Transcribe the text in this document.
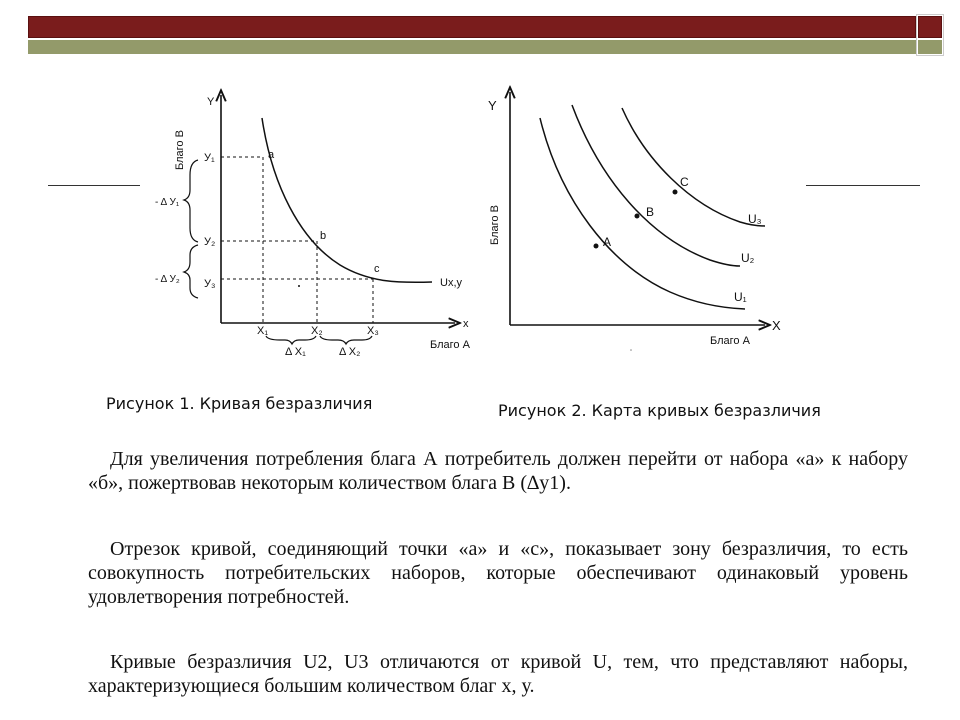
Y
x
Благо В
Благо А
У₁
У₂
У₃
- Δ У₁
- Δ У₂
X₁	X₂	X₃
Δ X₁	Δ X₂
a
b
c
Ux,y
Y
X
Благо В
Благо А
A
B
C
U₁
U₂
U₃
Рисунок 1. Кривая безразличия	Рисунок 2. Карта кривых безразличия

Для увеличения потребления блага А потребитель должен перейти от набора «а» к набору «б», пожертвовав некоторым количеством блага В (∆у1).

Отрезок кривой, соединяющий точки «а» и «с», показывает зону безразличия, то есть совокупность потребительских наборов, которые обеспечивают одинаковый уровень удовлетворения потребностей.

Кривые безразличия U2, U3 отличаются от кривой U, тем, что представляют наборы, характеризующиеся большим количеством благ х, у.
